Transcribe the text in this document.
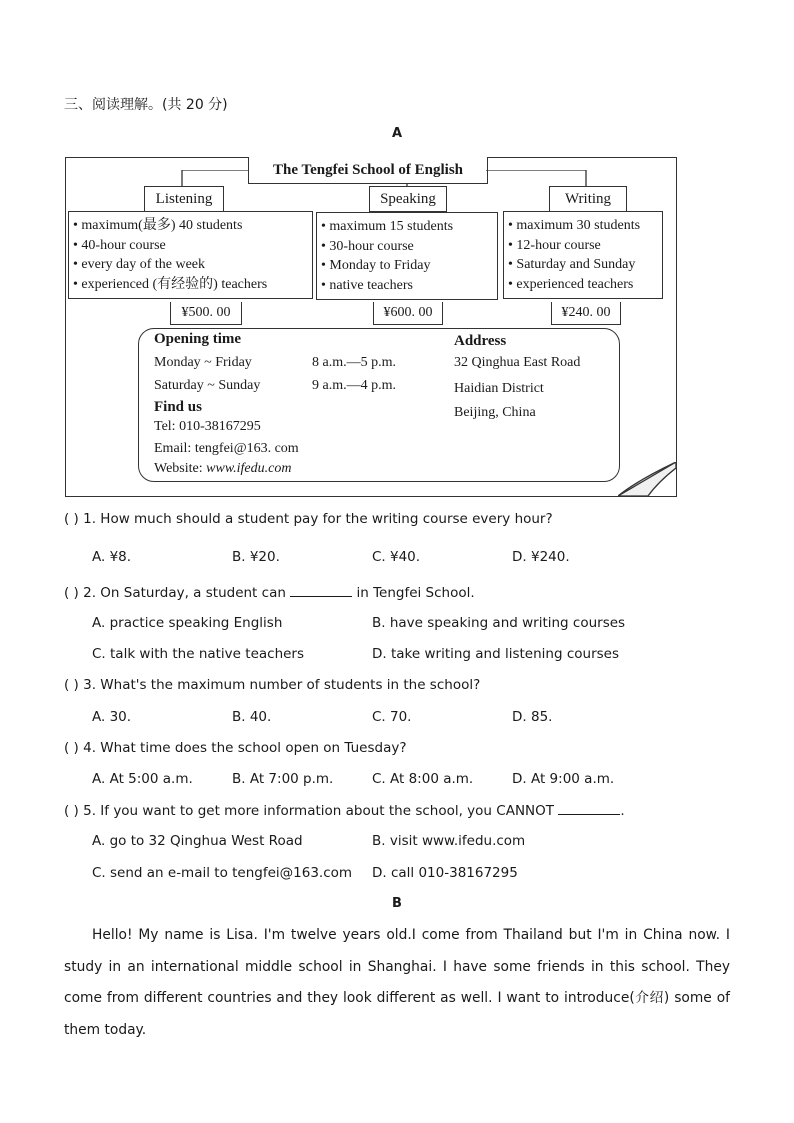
三、阅读理解。(共 20 分)
A
The Tengfei School of English
Listening	Speaking	Writing
• maximum(最多) 40 students
• 40-hour course
• every day of the week
• experienced (有经验的) teachers
• maximum 15 students
• 30-hour course
• Monday to Friday
• native teachers
• maximum 30 students
• 12-hour course
• Saturday and Sunday
• experienced teachers
¥500. 00	¥600. 00	¥240. 00
Opening time
Monday ~ Friday	8 a.m.—5 p.m.
Saturday ~ Sunday	9 a.m.—4 p.m.
Find us
Tel: 010-38167295
Email: tengfei@163. com
Website: www.ifedu.com
Address
32 Qinghua East Road
Haidian District
Beijing, China
( ) 1. How much should a student pay for the writing course every hour?
A. ¥8.	B. ¥20.	C. ¥40.	D. ¥240.
( ) 2. On Saturday, a student can	in Tengfei School.
A. practice speaking English	B. have speaking and writing courses
C. talk with the native teachers	D. take writing and listening courses
( ) 3. What's the maximum number of students in the school?
A. 30.	B. 40.	C. 70.	D. 85.
( ) 4. What time does the school open on Tuesday?
A. At 5:00 a.m.	B. At 7:00 p.m.	C. At 8:00 a.m.	D. At 9:00 a.m.
( ) 5. If you want to get more information about the school, you CANNOT	.
A. go to 32 Qinghua West Road	B. visit www.ifedu.com
C. send an e-mail to tengfei@163.com D. call 010-38167295
B
Hello! My name is Lisa. I'm twelve years old.I come from Thailand but I'm in China now. I study in an international middle school in Shanghai. I have some friends in this school. They come from different countries and they look different as well. I want to introduce(介绍) some of them today.
